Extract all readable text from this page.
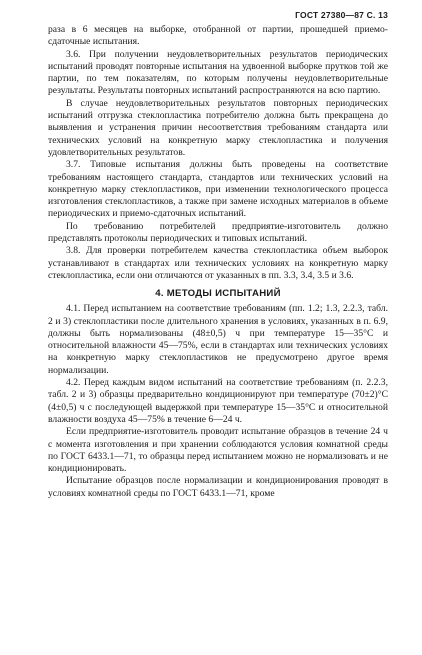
ГОСТ 27380—87 С. 13

раза в 6 месяцев на выборке, отобранной от партии, прошедшей приемо-сдаточные испытания.

3.6. При получении неудовлетворительных результатов периодических испытаний проводят повторные испытания на удвоенной выборке прутков той же партии, по тем показателям, по которым получены неудовлетворительные результаты. Результаты повторных испытаний распространяются на всю партию.

В случае неудовлетворительных результатов повторных периодических испытаний отгрузка стеклопластика потребителю должна быть прекращена до выявления и устранения причин несоответствия требованиям стандарта или технических условий на конкретную марку стеклопластика и получения удовлетворительных результатов.

3.7. Типовые испытания должны быть проведены на соответствие требованиям настоящего стандарта, стандартов или технических условий на конкретную марку стеклопластиков, при изменении технологического процесса изготовления стеклопластиков, а также при замене исходных материалов в объеме периодических и приемо-сдаточных испытаний.

По требованию потребителей предприятие-изготовитель должно представлять протоколы периодических и типовых испытаний.

3.8. Для проверки потребителем качества стеклопластика объем выборок устанавливают в стандартах или технических условиях на конкретную марку стеклопластика, если они отличаются от указанных в пп. 3.3, 3.4, 3.5 и 3.6.

4. МЕТОДЫ ИСПЫТАНИЙ

4.1. Перед испытанием на соответствие требованиям (пп. 1.2; 1.3, 2.2.3, табл. 2 и 3) стеклопластики после длительного хранения в условиях, указанных в п. 6.9, должны быть нормализованы (48±0,5) ч при температуре 15—35°С и относительной влажности 45—75%, если в стандартах или технических условиях на конкретную марку стеклопластиков не предусмотрено другое время нормализации.

4.2. Перед каждым видом испытаний на соответствие требованиям (п. 2.2.3, табл. 2 и 3) образцы предварительно кондиционируют при температуре (70±2)°С (4±0,5) ч с последующей выдержкой при температуре 15—35°С и относительной влажности воздуха 45—75% в течение 6—24 ч.

Если предприятие-изготовитель проводит испытание образцов в течение 24 ч с момента изготовления и при хранении соблюдаются условия комнатной среды по ГОСТ 6433.1—71, то образцы перед испытанием можно не нормализовать и не кондиционировать.

Испытание образцов после нормализации и кондиционирования проводят в условиях комнатной среды по ГОСТ 6433.1—71, кроме
